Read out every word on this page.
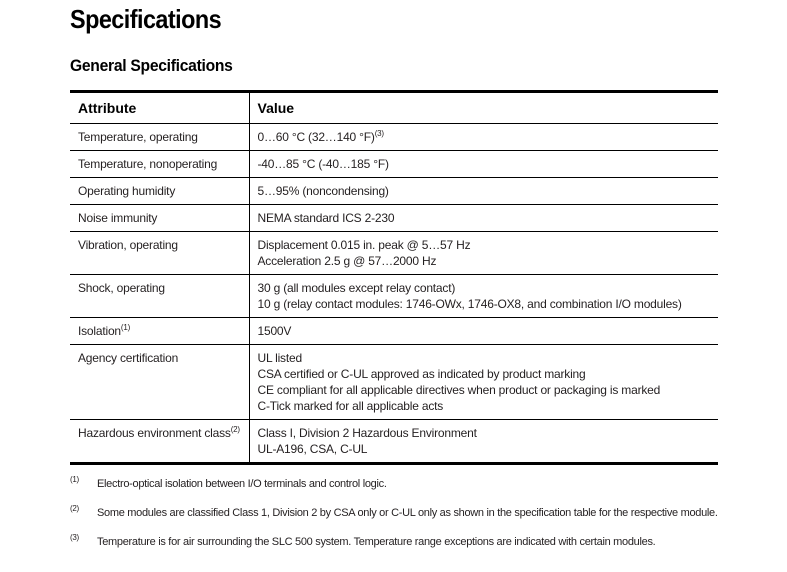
Specifications
General Specifications
Attribute	Value
Temperature, operating	0…60 °C (32…140 °F)$^{(3)}$

Temperature, nonoperating	-40…85 °C (-40…185 °F)

Operating humidity	5…95% (noncondensing)

Noise immunity	NEMA standard ICS 2-230

Vibration, operating	Displacement 0.015 in. peak @ 5…57 Hz
Acceleration 2.5 g @ 57…2000 Hz

Shock, operating	30 g (all modules except relay contact)
10 g (relay contact modules: 1746-OWx, 1746-OX8, and combination I/O modules)

Isolation$^{(1)}$	1500V

Agency certification	UL listed
CSA certified or C-UL approved as indicated by product marking
CE compliant for all applicable directives when product or packaging is marked
C-Tick marked for all applicable acts

Hazardous environment class$^{(2)}$	Class I, Division 2 Hazardous Environment
UL-A196, CSA, C-UL
(1) Electro-optical isolation between I/O terminals and control logic.
(2) Some modules are classified Class 1, Division 2 by CSA only or C-UL only as shown in the specification table for the respective module.
(3) Temperature is for air surrounding the SLC 500 system. Temperature range exceptions are indicated with certain modules.
